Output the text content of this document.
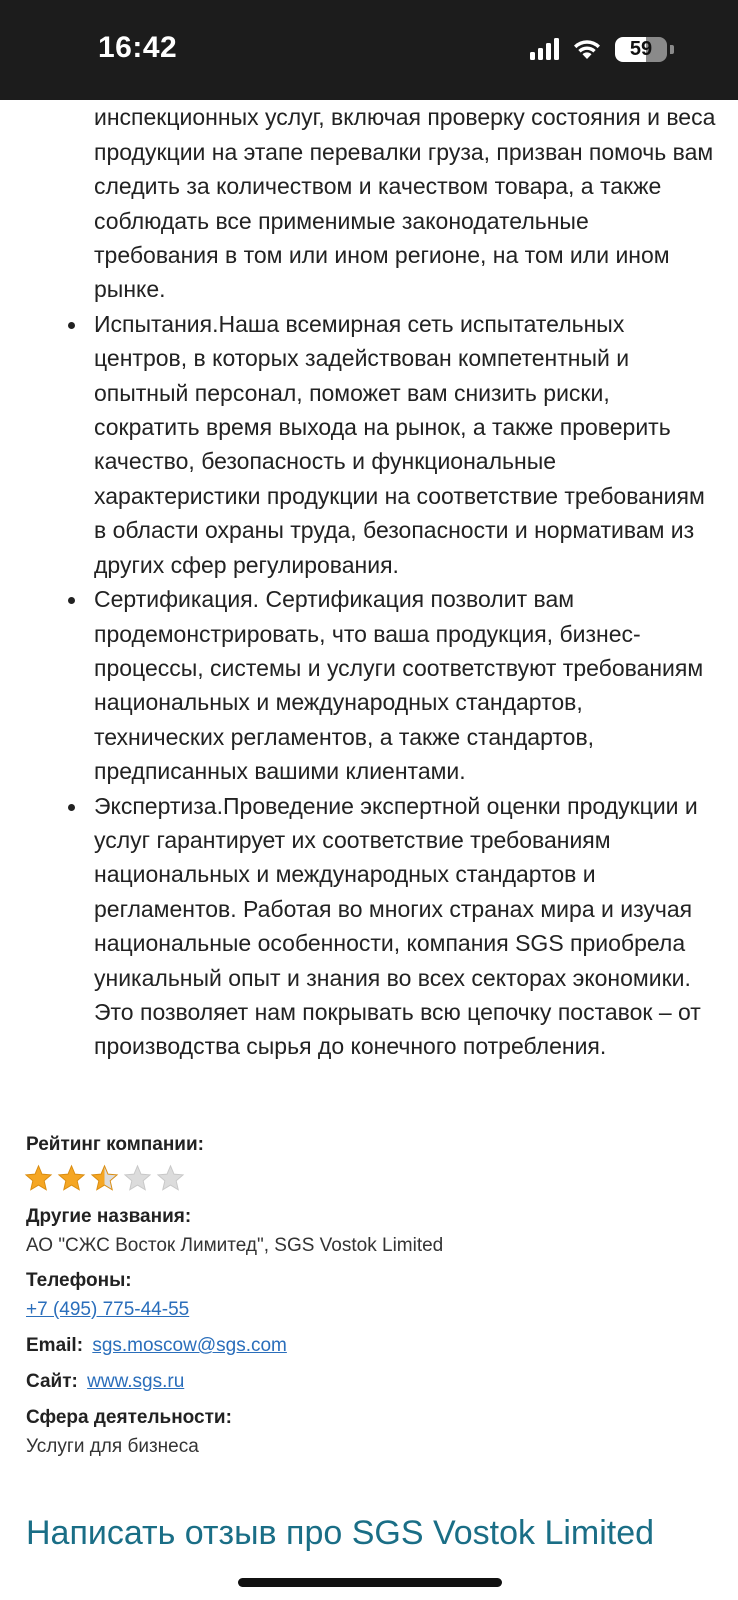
инспекционных услуг, включая проверку состояния и веса продукции на этапе перевалки груза, призван помочь вам следить за количеством и качеством товара, а также соблюдать все применимые законодательные требования в том или ином регионе, на том или ином рынке.
Испытания.Наша всемирная сеть испытательных центров, в которых задействован компетентный и опытный персонал, поможет вам снизить риски, сократить время выхода на рынок, а также проверить качество, безопасность и функциональные характеристики продукции на соответствие требованиям в области охраны труда, безопасности и нормативам из других сфер регулирования.
Сертификация. Сертификация позволит вам продемонстрировать, что ваша продукция, бизнес-процессы, системы и услуги соответствуют требованиям национальных и международных стандартов, технических регламентов, а также стандартов, предписанных вашими клиентами.
Экспертиза.Проведение экспертной оценки продукции и услуг гарантирует их соответствие требованиям национальных и международных стандартов и регламентов. Работая во многих странах мира и изучая национальные особенности, компания SGS приобрела уникальный опыт и знания во всех секторах экономики. Это позволяет нам покрывать всю цепочку поставок – от производства сырья до конечного потребления.
Рейтинг компании:
Другие названия:
АО "СЖС Восток Лимитед", SGS Vostok Limited
Телефоны:
+7 (495) 775-44-55
Email: sgs.moscow@sgs.com
Сайт: www.sgs.ru
Сфера деятельности:
Услуги для бизнеса
Написать отзыв про SGS Vostok Limited
16:42	59
